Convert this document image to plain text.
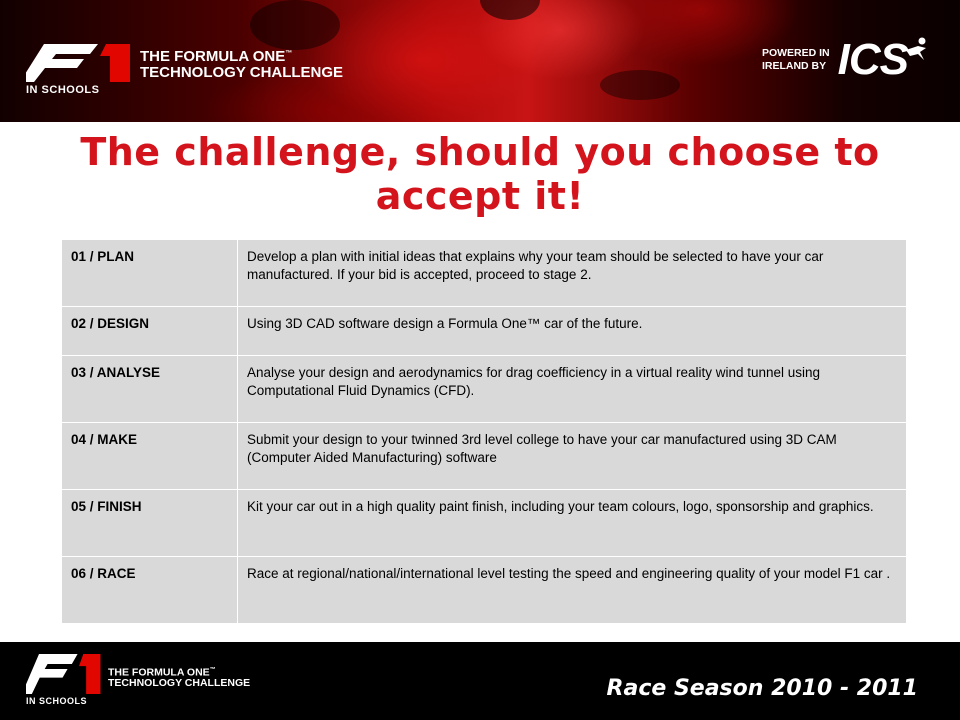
IN SCHOOLS
THE FORMULA ONE™
TECHNOLOGY CHALLENGE
POWERED IN
IRELAND BY ICS
The challenge, should you choose to accept it!
01 / PLAN	Develop a plan with initial ideas that explains why your team should be selected to have your car manufactured. If your bid is accepted, proceed to stage 2.
02 / DESIGN	Using 3D CAD software design a Formula One™ car of the future.
03 / ANALYSE	Analyse your design and aerodynamics for drag coefficiency in a virtual reality wind tunnel using Computational Fluid Dynamics (CFD).
04 / MAKE	Submit your design to your twinned 3rd level college to have your car manufactured using 3D CAM (Computer Aided Manufacturing) software
05 / FINISH	Kit your car out in a high quality paint finish, including your team colours, logo, sponsorship and graphics.
06 / RACE	Race at regional/national/international level testing the speed and engineering quality of your model F1 car .
IN SCHOOLS
THE FORMULA ONE™
TECHNOLOGY CHALLENGE	Race Season 2010 - 2011
